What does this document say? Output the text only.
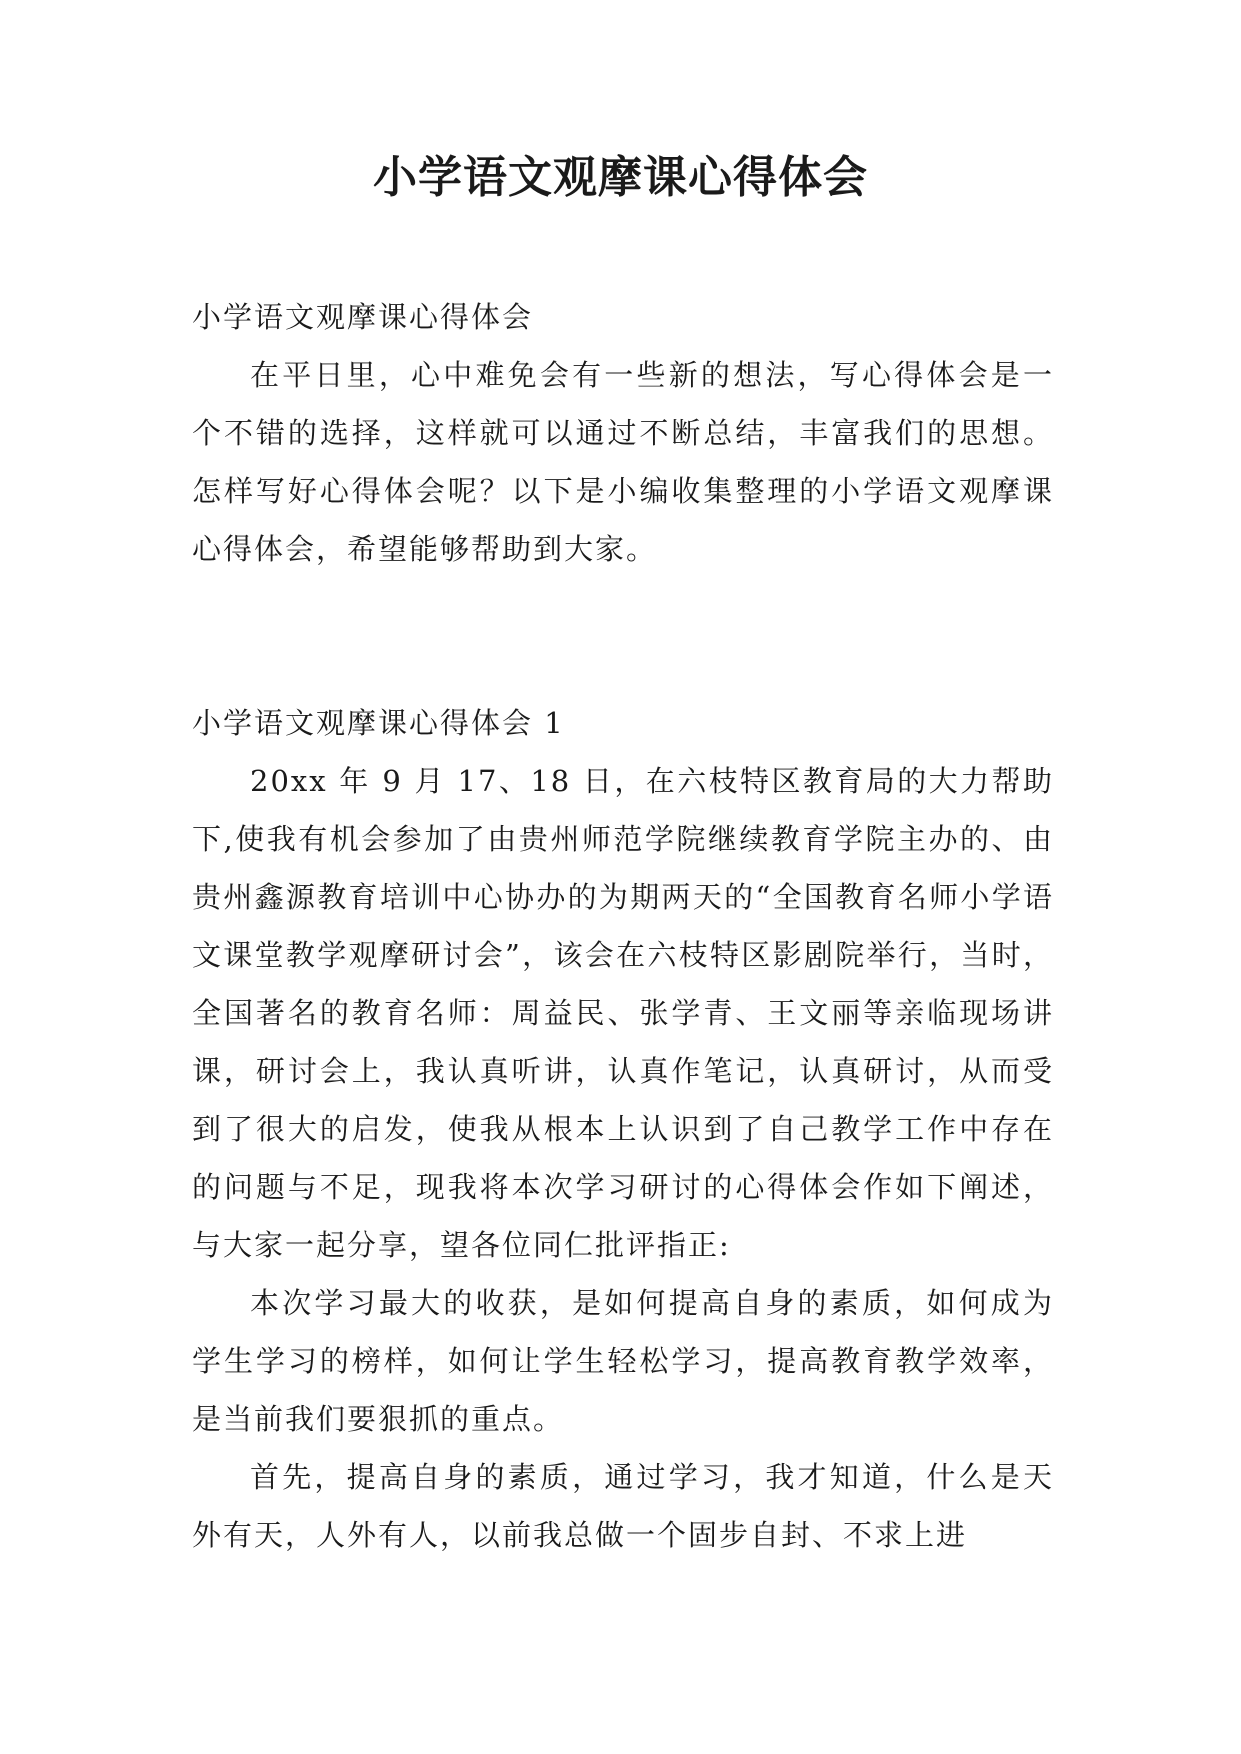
小学语文观摩课心得体会

小学语文观摩课心得体会

在平日里，心中难免会有一些新的想法，写心得体会是一个不错的选择，这样就可以通过不断总结，丰富我们的思想。怎样写好心得体会呢？以下是小编收集整理的小学语文观摩课心得体会，希望能够帮助到大家。

小学语文观摩课心得体会 1

20xx 年 9 月 17、18 日，在六枝特区教育局的大力帮助下,使我有机会参加了由贵州师范学院继续教育学院主办的、由贵州鑫源教育培训中心协办的为期两天的“全国教育名师小学语文课堂教学观摩研讨会”，该会在六枝特区影剧院举行，当时，全国著名的教育名师：周益民、张学青、王文丽等亲临现场讲课，研讨会上，我认真听讲，认真作笔记，认真研讨，从而受到了很大的启发，使我从根本上认识到了自己教学工作中存在的问题与不足，现我将本次学习研讨的心得体会作如下阐述，与大家一起分享，望各位同仁批评指正:

本次学习最大的收获，是如何提高自身的素质，如何成为学生学习的榜样，如何让学生轻松学习，提高教育教学效率，是当前我们要狠抓的重点。

首先，提高自身的素质，通过学习，我才知道，什么是天外有天，人外有人，以前我总做一个固步自封、不求上进
